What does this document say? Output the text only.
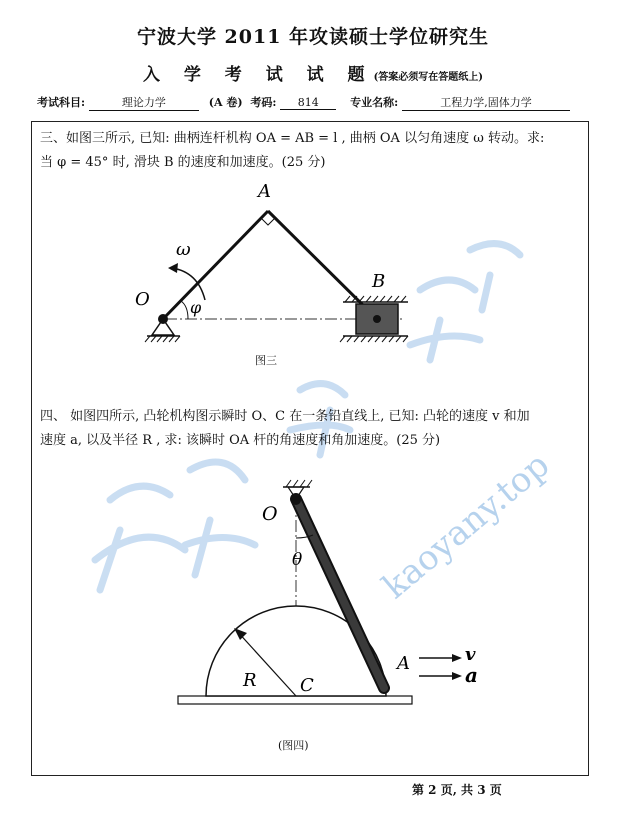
kaoyany.top
宁波大学 2011 年攻读硕士学位研究生
入 学 考 试 试 题(答案必须写在答题纸上)
考试科目:	理论力学	(A 卷) 考码: 814	专业名称:	工程力学,固体力学
三、如图三所示, 已知: 曲柄连杆机构 OA = AB = l , 曲柄 OA 以匀角速度 ω 转动。求:
当 φ = 45° 时, 滑块 B 的速度和加速度。(25 分)
A
B
O
ω
φ
图三
四、 如图四所示, 凸轮机构图示瞬时 O、C 在一条铅直线上, 已知: 凸轮的速度 v 和加
速度 a, 以及半径 R , 求: 该瞬时 OA 杆的角速度和角加速度。(25 分)
O
θ
R C
A	v
a
(图四)
第 2 页, 共 3 页
